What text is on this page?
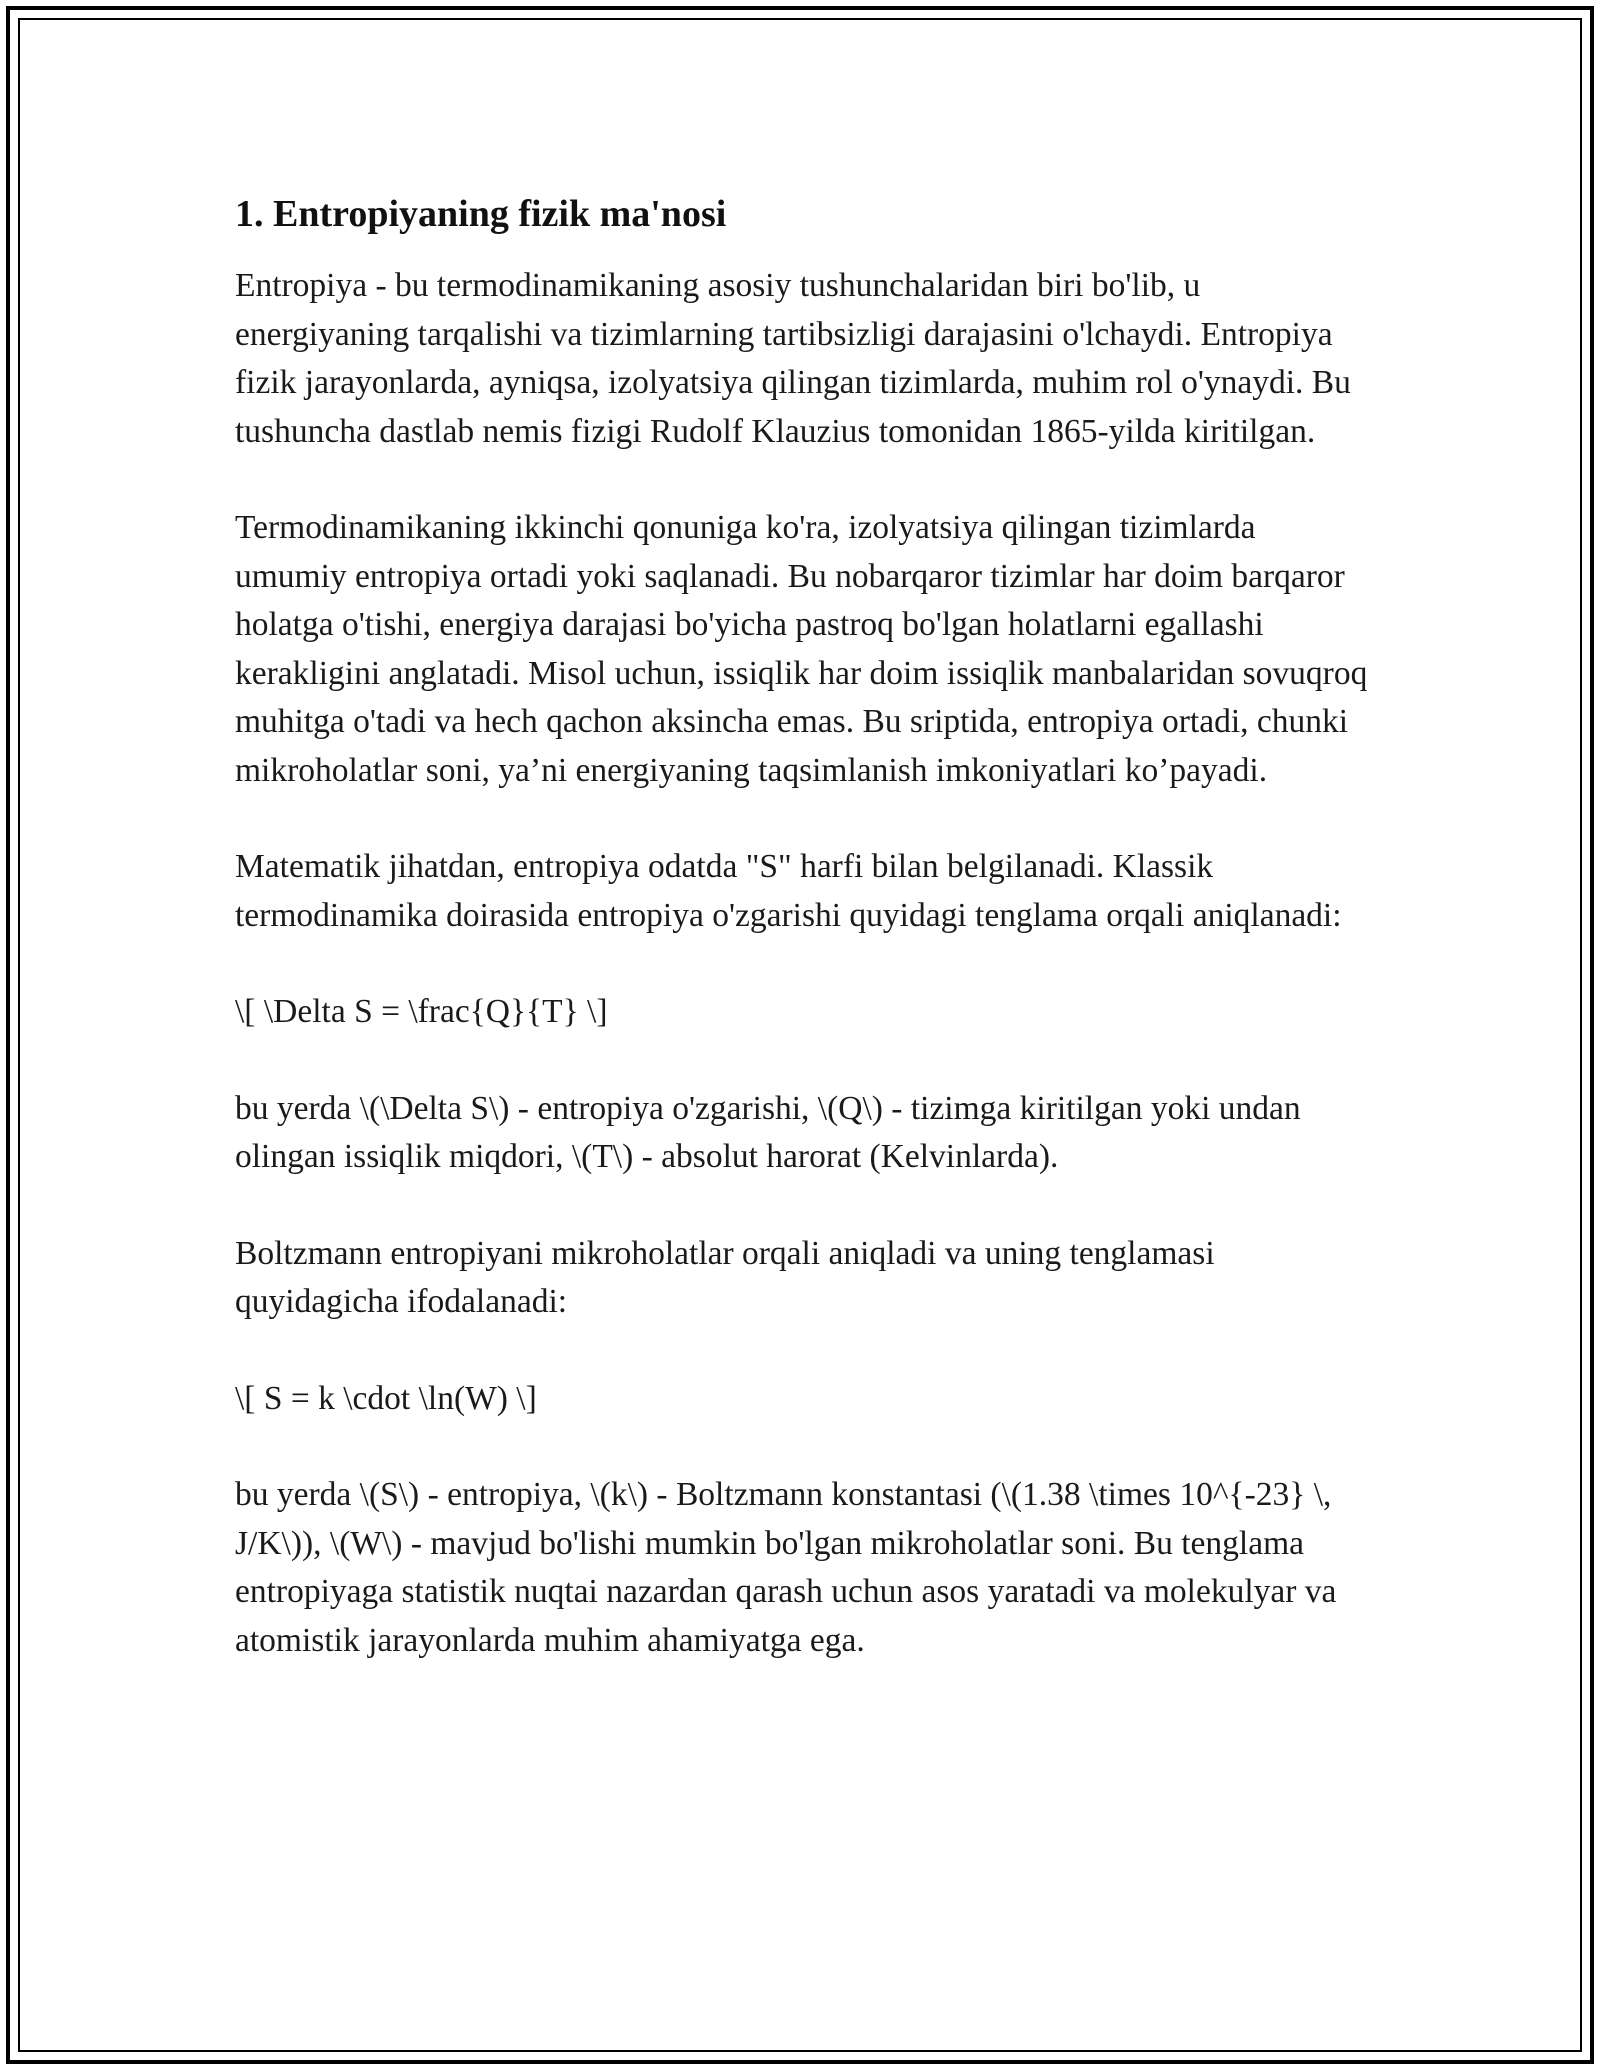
1. Entropiyaning fizik ma'nosi

Entropiya - bu termodinamikaning asosiy tushunchalaridan biri bo'lib, u energiyaning tarqalishi va tizimlarning tartibsizligi darajasini o'lchaydi. Entropiya fizik jarayonlarda, ayniqsa, izolyatsiya qilingan tizimlarda, muhim rol o'ynaydi. Bu tushuncha dastlab nemis fizigi Rudolf Klauzius tomonidan 1865-yilda kiritilgan.

Termodinamikaning ikkinchi qonuniga ko'ra, izolyatsiya qilingan tizimlarda umumiy entropiya ortadi yoki saqlanadi. Bu nobarqaror tizimlar har doim barqaror holatga o'tishi, energiya darajasi bo'yicha pastroq bo'lgan holatlarni egallashi kerakligini anglatadi. Misol uchun, issiqlik har doim issiqlik manbalaridan sovuqroq muhitga o'tadi va hech qachon aksincha emas. Bu sriptida, entropiya ortadi, chunki mikroholatlar soni, ya’ni energiyaning taqsimlanish imkoniyatlari ko’payadi.

Matematik jihatdan, entropiya odatda "S" harfi bilan belgilanadi. Klassik termodinamika doirasida entropiya o'zgarishi quyidagi tenglama orqali aniqlanadi:

\[ \Delta S = \frac{Q}{T} \]

bu yerda \(\Delta S\) - entropiya o'zgarishi, \(Q\) - tizimga kiritilgan yoki undan olingan issiqlik miqdori, \(T\) - absolut harorat (Kelvinlarda).

Boltzmann entropiyani mikroholatlar orqali aniqladi va uning tenglamasi quyidagicha ifodalanadi:

\[ S = k \cdot \ln(W) \]

bu yerda \(S\) - entropiya, \(k\) - Boltzmann konstantasi (\(1.38 \times 10^{-23} \, J/K\)), \(W\) - mavjud bo'lishi mumkin bo'lgan mikroholatlar soni. Bu tenglama entropiyaga statistik nuqtai nazardan qarash uchun asos yaratadi va molekulyar va atomistik jarayonlarda muhim ahamiyatga ega.
